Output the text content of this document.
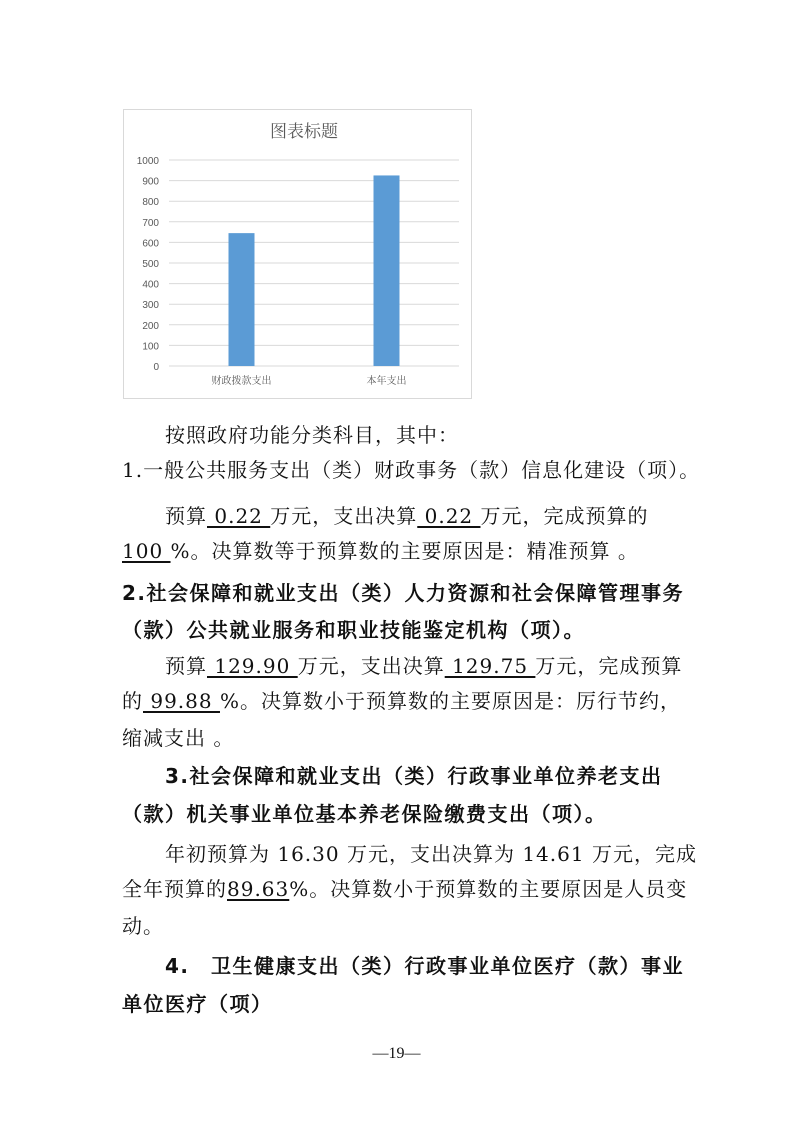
图表标题
0
100
200
300
400
500
600
700
800
900
1000
财政拨款支出	本年支出
按照政府功能分类科目，其中：
1.一般公共服务支出（类）财政事务（款）信息化建设（项）。
预算 0.22 万元，支出决算 0.22 万元，完成预算的
100 %。决算数等于预算数的主要原因是：精准预算 。
2.社会保障和就业支出（类）人力资源和社会保障管理事务
（款）公共就业服务和职业技能鉴定机构（项）。
预算 129.90 万元，支出决算 129.75 万元，完成预算
的 99.88 %。决算数小于预算数的主要原因是：厉行节约，
缩减支出 。
3.社会保障和就业支出（类）行政事业单位养老支出
（款）机关事业单位基本养老保险缴费支出（项）。
年初预算为 16.30 万元，支出决算为 14.61 万元，完成
全年预算的89.63%。决算数小于预算数的主要原因是人员变
动。
4.　卫生健康支出（类）行政事业单位医疗（款）事业
单位医疗（项）
—19—
